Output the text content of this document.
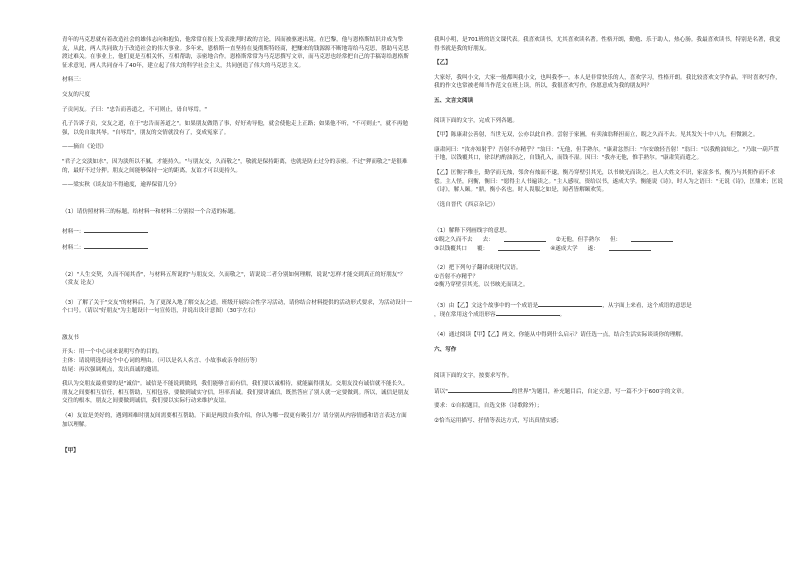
青年的马克思就有着改造社会的雄伟志向和抱负，他常常在报上发表批判时政的言论，因而被驱逐出境。在巴黎，他与恩格斯结识并成为挚友，从此，两人共同致力于改造社会的伟大事业。多年来，恩格斯一直坚持在曼彻斯特经商，把赚来的钱源源不断地寄给马克思，帮助马克思渡过难关。在事业上，他们更是互相关怀，互相帮助，亲密地合作。恩格斯常常为马克思撰写文章，而马克思也经常把自己的手稿寄给恩格斯征求意见，两人共同奋斗了40年，建立起了伟大的科学社会主义，共同创造了伟大的马克思主义。

材料三：

交友的尺度

子贡问友。子曰："忠告而善道之，不可则止，毋自辱焉。"

孔子告诉子贡，交友之道，在于"忠告而善道之"。如果朋友做错了事，好好劝导他，就会使他走上正路；如果他不听，"不可则止"，就不再勉强，以免自取其辱。"自辱焉"，朋友的交情就没有了，变成冤家了。

——摘自《论语》

"君子之交淡如水"，因为淡所以不腻，才能持久。"与朋友交，久而敬之"，敬就是保持距离，也就是防止过分的亲密。不过"狎而敬之"是很难的，最好不过分狎。朋友之间能够保持一定的距离，友谊才可以更持久。

——梁实秋《谈友谊不得逾度，逾界保留几分》

（1）请仿照材料三的标题，给材料一和材料二分别拟一个合适的标题。

材料一：

材料二：

（2）"人生交契，久而不闻其香"，与材料五所说的"与朋友交，久而敬之"，请说说二者分别如何理解，说说"怎样才能交到真正的好朋友"？（赏友 论友）

（3）了解了关于"交友"的材料后，为了更深入地了解交友之道，班级开展综合性学习活动，请你结合材料提供的活动形式要求，为活动设计一个口号。（请以"好朋友"为主题设计一句宣传语，并说出设计意图）（30字左右）

激友书

开头：用一个中心词来说明写作的目的。

主体：请说明选择这个中心词的理由。（可以是名人名言、小故事或亲身经历等）

结尾：再次强调观点，发出真诚的邀请。

我认为交朋友最重要的是"诚信"。诚信是不能说到做到，我们能够言而有信，我们要以诚相待，就能赢得朋友。交朋友没有诚信就不能长久。朋友之间要相互信任，相互帮助，互相包容，要做到诚实守信，坦率真诚。我们要讲诚信，既然答应了别人就一定要做到。所以，诚信是朋友交往的根本，朋友之间要做到诚信，我们要以实际行动来维护友谊。

（4）友谊是美好的，遇到困难时朋友间需要相互帮助。下面是两段自我介绍，你认为哪一段更有吸引力？请分别从内容情感和语言表达方面加以理解。

【甲】

我叫小明，是701班的语文课代表。我喜欢读书，尤其喜欢读名著。性格开朗，勤勉、乐于助人，热心肠。我最喜欢读书，特别是名著，我觉得书就是我的好朋友。

【乙】

大家好，我叫小文，大家一般都叫我小文，也叫我李一。本人是非常快乐的人，喜欢学习，性格开朗。我比较喜欢文学作品，平时喜欢写作，我的作文也常被老师当作范文在班上读，所以，我很喜欢写作，你愿意成为我的朋友吗？

五、文言文阅读

阅读下面的文字，完成下列各题。

【甲】陈康肃公善射，当世无双，公亦以此自矜。尝射于家圃，有卖油翁释担而立，睨之久而不去。见其发矢十中八九，但微颔之。

康肃问曰："汝亦知射乎？吾射不亦精乎？"翁曰："无他，但手熟尔。"康肃忿然曰："尔安敢轻吾射！"翁曰："以我酌油知之。"乃取一葫芦置于地，以钱覆其口，徐以杓酌油沥之，自钱孔入，而钱不湿。因曰："我亦无他，惟手熟尔。"康肃笑而遣之。

【乙】匡衡字稚圭，勤学而无烛，邻舍有烛而不逮，衡乃穿壁引其光，以书映光而读之。邑人大姓文不识，家富多书，衡乃与其佣作而不求偿。主人怪，问衡，衡曰："愿得主人书遍读之。"主人感叹，资给以书，遂成大学。衡能说《诗》，时人为之语曰："无说《诗》，匡鼎来；匡说《诗》，解人颐。"鼎，衡小名也。时人畏服之如是，闻者皆解颐欢笑。

（选自晋代《西京杂记》）

（1）解释下列画线字的意思。

①睨之久而不去 去：	②无他，但手熟尔 但：
③以钱覆其口 覆：	④遂成大学 遂：

（2）把下列句子翻译成现代汉语。

①吾射不亦精乎？

②衡乃穿壁引其光，以书映光而读之。

（3）由【乙】文这个故事中的一个成语是	，从字面上来看，这个成语的意思是

，现在常用这个成语形容	。

（4）通过阅读【甲】【乙】两文，你能从中得到什么启示？请任选一点，结合生活实际谈谈你的理解。

六、写作

阅读下面的文字，按要求写作。

请以"	的世界"为题目，补充题目后，自定立意，写一篇不少于600字的文章。

要求：①自拟题目，自选文体（诗歌除外）；

②恰当运用描写、抒情等表达方式，写出真情实感；
